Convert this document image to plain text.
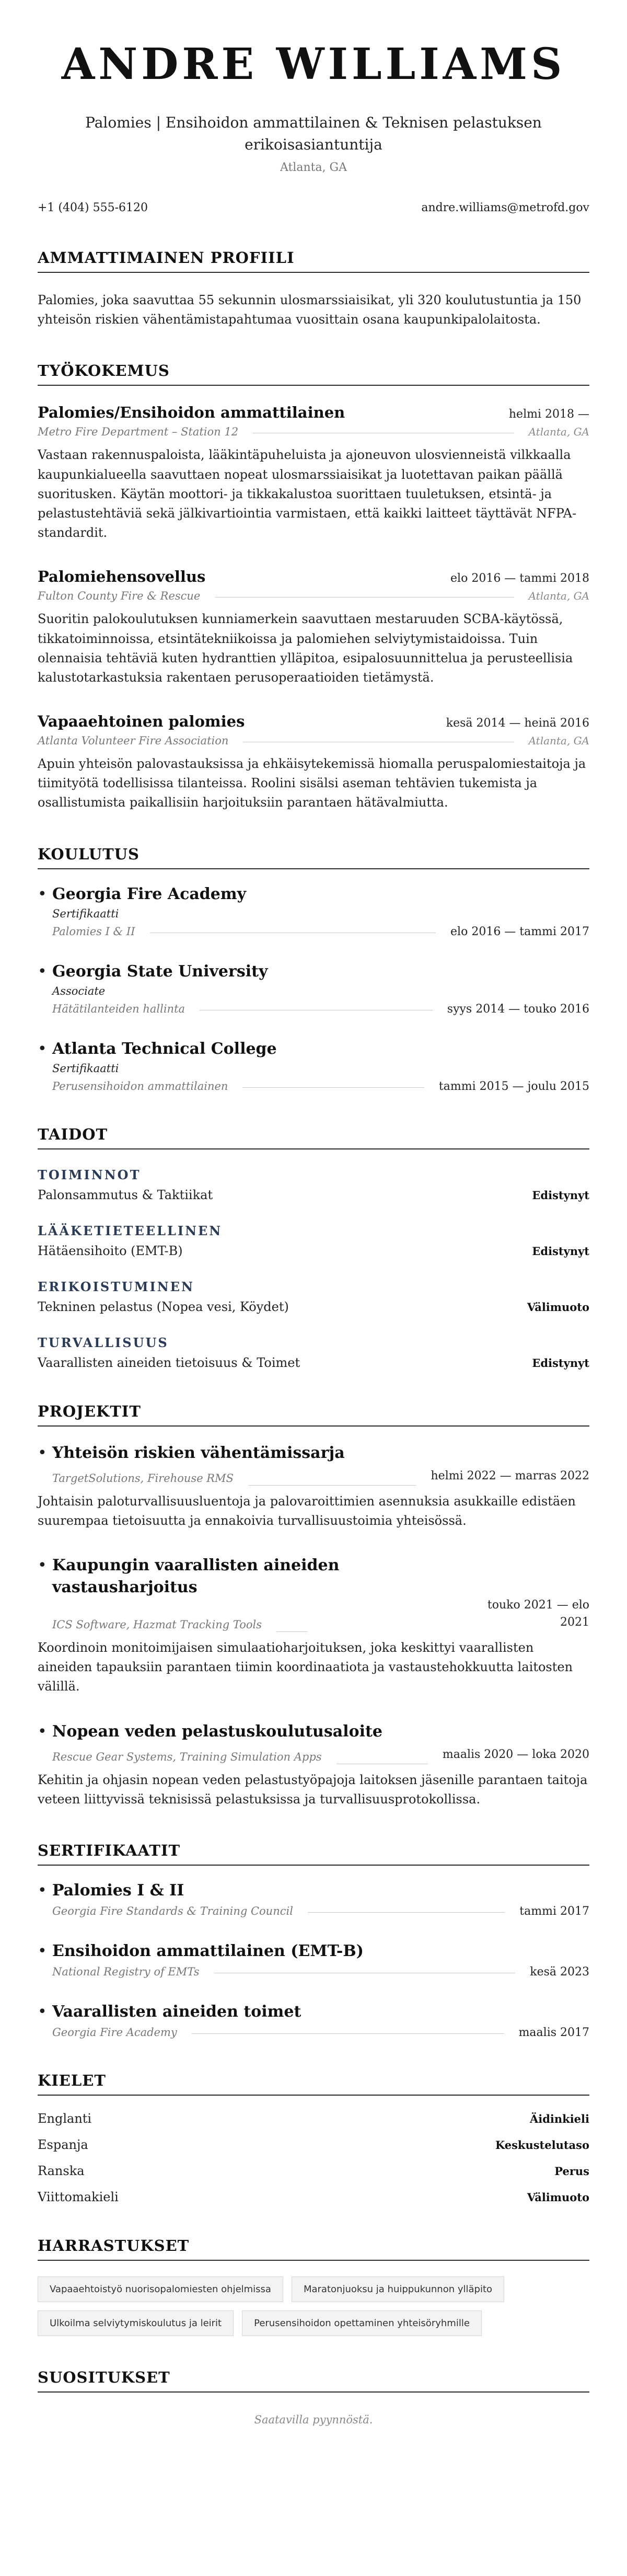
ANDRE WILLIAMS
Palomies | Ensihoidon ammattilainen & Teknisen pelastuksen erikoisasiantuntija
Atlanta, GA
+1 (404) 555-6120	andre.williams@metrofd.gov
AMMATTIMAINEN PROFIILI

Palomies, joka saavuttaa 55 sekunnin ulosmarssiaisikat, yli 320 koulutustuntia ja 150 yhteisön riskien vähentämistapahtumaa vuosittain osana kaupunkipalolaitosta.

TYÖKOKEMUS
Palomies/Ensihoidon ammattilainen	helmi 2018 —
Metro Fire Department – Station 12	Atlanta, GA

Vastaan rakennuspaloista, lääkintäpuheluista ja ajoneuvon ulosvienneistä vilkkaalla kaupunkialueella saavuttaen nopeat ulosmarssiaisikat ja luotettavan paikan päällä suoritusken. Käytän moottori- ja tikkakalustoa suorittaen tuuletuksen, etsintä- ja pelastustehtäviä sekä jälkivartiointia varmistaen, että kaikki laitteet täyttävät NFPA-standardit.

Palomiehensovellus	elo 2016 — tammi 2018
Fulton County Fire & Rescue	Atlanta, GA

Suoritin palokoulutuksen kunniamerkein saavuttaen mestaruuden SCBA-käytössä, tikkatoiminnoissa, etsintätekniikoissa ja palomiehen selviytymistaidoissa. Tuin olennaisia tehtäviä kuten hydranttien ylläpitoa, esipalosuunnittelua ja perusteellisia kalustotarkastuksia rakentaen perusoperaatioiden tietämystä.

Vapaaehtoinen palomies	kesä 2014 — heinä 2016
Atlanta Volunteer Fire Association	Atlanta, GA

Apuin yhteisön palovastauksissa ja ehkäisytekemissä hiomalla peruspalomiestaitoja ja tiimityötä todellisissa tilanteissa. Roolini sisälsi aseman tehtävien tukemista ja osallistumista paikallisiin harjoituksiin parantaen hätävalmiutta.

KOULUTUS
• Georgia Fire Academy
Sertifikaatti
Palomies I & II	elo 2016 — tammi 2017
• Georgia State University
Associate
Hätätilanteiden hallinta	syys 2014 — touko 2016
• Atlanta Technical College
Sertifikaatti
Perusensihoidon ammattilainen	tammi 2015 — joulu 2015
TAIDOT
TOIMINNOT
Palonsammutus & Taktiikat	Edistynyt
LÄÄKETIETEELLINEN
Hätäensihoito (EMT-B)	Edistynyt
ERIKOISTUMINEN
Tekninen pelastus (Nopea vesi, Köydet)	Välimuoto
TURVALLISUUS
Vaarallisten aineiden tietoisuus & Toimet	Edistynyt
PROJEKTIT
• Yhteisön riskien vähentämissarja
TargetSolutions, Firehouse RMS	helmi 2022 — marras 2022

Johtaisin paloturvallisuusluentoja ja palovaroittimien asennuksia asukkaille edistäen suurempaa tietoisuutta ja ennakoivia turvallisuustoimia yhteisössä.

• Kaupungin vaarallisten aineiden vastausharjoitus
ICS Software, Hazmat Tracking Tools
touko 2021 — elo
2021

Koordinoin monitoimijaisen simulaatioharjoituksen, joka keskittyi vaarallisten aineiden tapauksiin parantaen tiimin koordinaatiota ja vastaustehokkuutta laitosten välillä.

• Nopean veden pelastuskoulutusaloite
Rescue Gear Systems, Training Simulation Apps	maalis 2020 — loka 2020

Kehitin ja ohjasin nopean veden pelastustyöpajoja laitoksen jäsenille parantaen taitoja veteen liittyvissä teknisissä pelastuksissa ja turvallisuusprotokollissa.

SERTIFIKAATIT
• Palomies I & II
Georgia Fire Standards & Training Council	tammi 2017
• Ensihoidon ammattilainen (EMT-B)
National Registry of EMTs	kesä 2023
• Vaarallisten aineiden toimet
Georgia Fire Academy	maalis 2017
KIELET
Englanti	Äidinkieli
Espanja	Keskustelutaso
Ranska	Perus
Viittomakieli	Välimuoto
HARRASTUKSET
Vapaaehtoistyö nuorisopalomiesten ohjelmissa	Maratonjuoksu ja huippukunnon ylläpito
Ulkoilma selviytymiskoulutus ja leirit	Perusensihoidon opettaminen yhteisöryhmille
SUOSITUKSET
Saatavilla pyynnöstä.
